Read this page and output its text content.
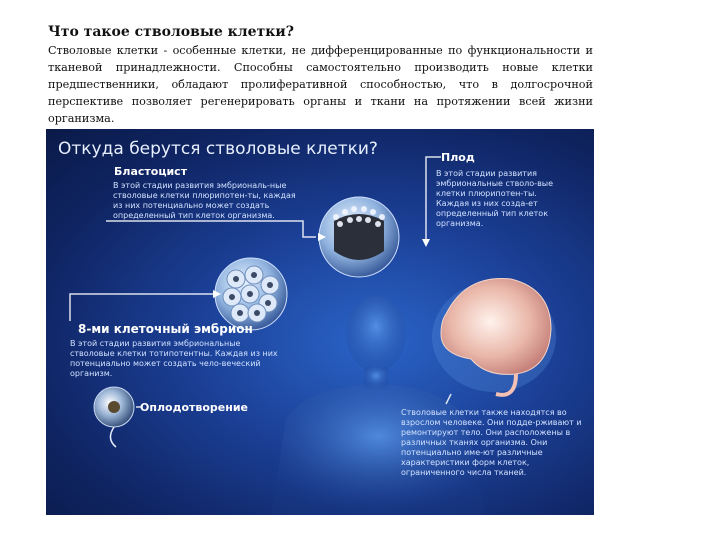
Что такое стволовые клетки?
Стволовые клетки - особенные клетки, не дифференцированные по функциональности и тканевой принадлежности. Способны самостоятельно производить новые клетки предшественники, обладают пролиферативной способностью, что в долгосрочной перспективе позволяет регенерировать органы и ткани на протяжении всей жизни организма.
Откуда берутся стволовые клетки?
Бластоцист
В этой стадии развития эмбриональ-ные стволовые клетки плюрипотен-ты, каждая из них потенциально может создать определенный тип клеток организма.
Плод
В этой стадии развития эмбриональные стволо-вые клетки плюрипотен-ты. Каждая из них созда-ет определенный тип клеток организма.
8-ми клеточный эмбрион
В этой стадии развития эмбриональные стволовые клетки тотипотентны. Каждая из них потенциально может создать чело-веческий организм.
Оплодотворение	Стволовые клетки также находятся во взрослом человеке. Они подде-рживают и ремонтируют тело. Они расположены в различных тканях организма. Они потенциально име-ют различные характеристики форм клеток, ограниченного числа тканей.
